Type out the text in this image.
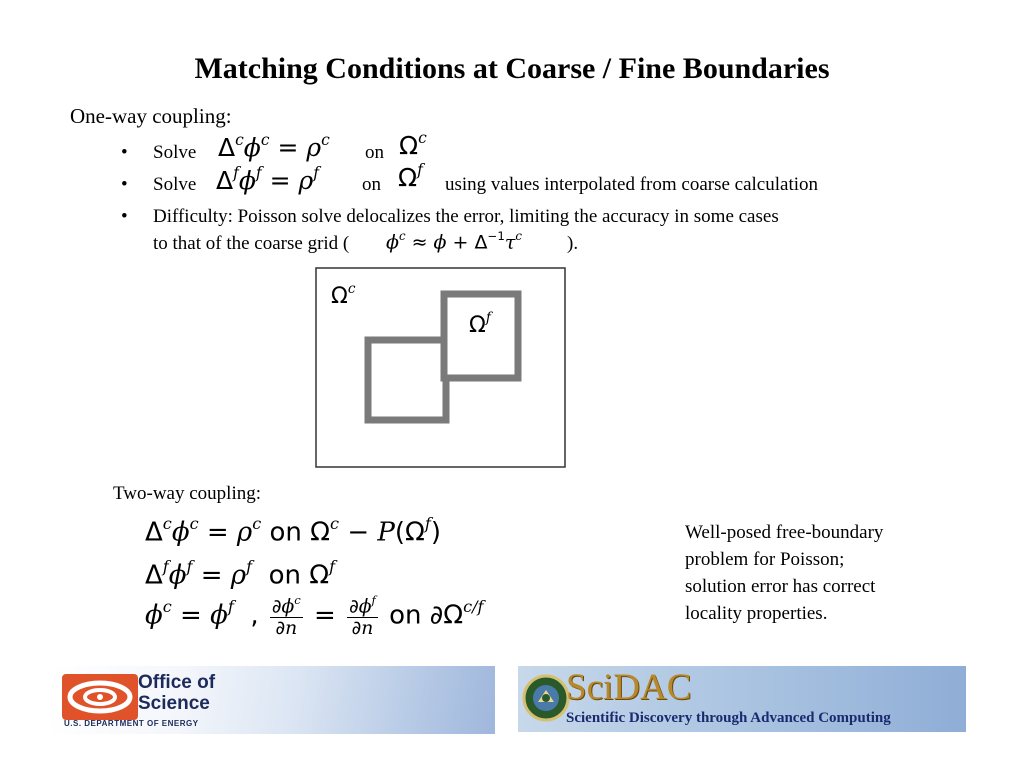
Matching Conditions at Coarse / Fine Boundaries
One-way coupling:
• Solve $\Delta^c\phi^c = \rho^c$
on $\Omega^c$
• Solve $\Delta^f\phi^f = \rho^f$
on $\Omega^f$
using values interpolated from coarse calculation
• Difficulty: Poisson solve delocalizes the error, limiting the accuracy in some cases
to that of the coarse grid ( $\phi^c \approx \phi + \Delta^{-1}\tau^c$ ).
$\Omega^c$
$\Omega^f$
Two-way coupling:
$\Delta^c\phi^c = \rho^c$ on $\Omega^c - P(\Omega^f)$
$\Delta^f\phi^f = \rho^f$ on $\Omega^f$
$\phi^c = \phi^f$  , $\frac{\partial\phi^c}{\partial n} = \frac{\partial\phi^f}{\partial n}$ on $\partial\Omega^{c/f}$
Well-posed free-boundary
problem for Poisson;
solution error has correct
locality properties.
Office of
Science
U.S. DEPARTMENT OF ENERGY
SciDAC
Scientific Discovery through Advanced Computing
